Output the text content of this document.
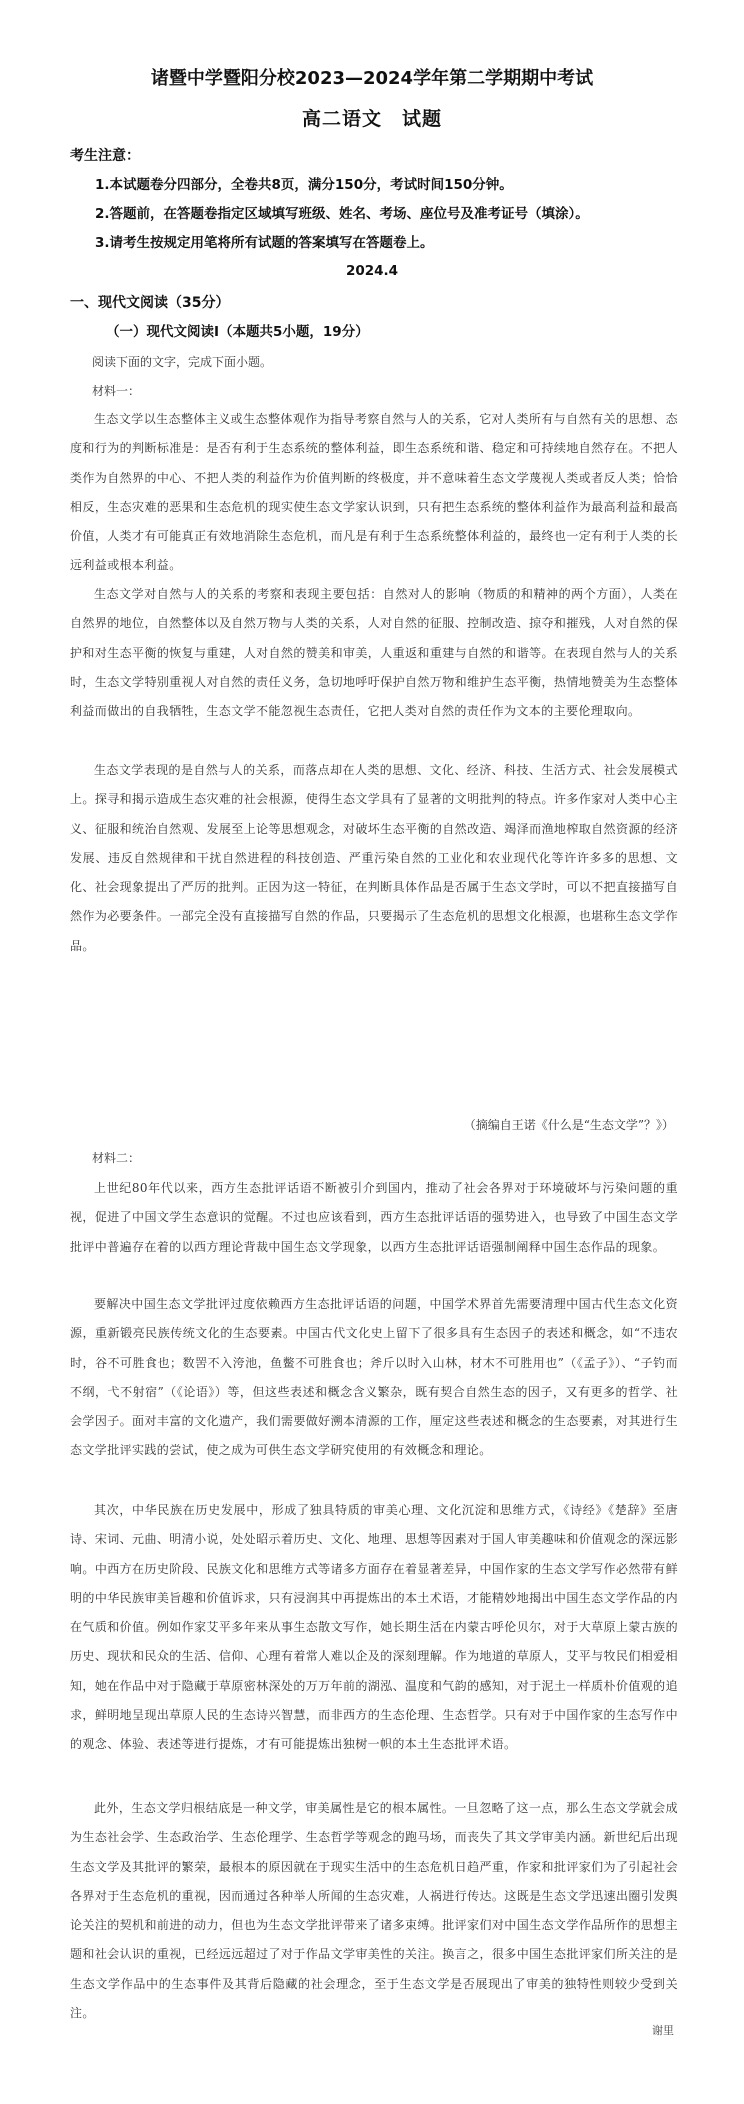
诸暨中学暨阳分校2023—2024学年第二学期期中考试
高二语文　试题
考生注意：
1.本试题卷分四部分，全卷共8页，满分150分，考试时间150分钟。
2.答题前，在答题卷指定区域填写班级、姓名、考场、座位号及准考证号（填涂）。
3.请考生按规定用笔将所有试题的答案填写在答题卷上。
2024.4
一、现代文阅读（35分）
（一）现代文阅读Ⅰ（本题共5小题，19分）
阅读下面的文字，完成下面小题。
材料一：

生态文学以生态整体主义或生态整体观作为指导考察自然与人的关系，它对人类所有与自然有关的思想、态度和行为的判断标准是：是否有利于生态系统的整体利益，即生态系统和谐、稳定和可持续地自然存在。不把人类作为自然界的中心、不把人类的利益作为价值判断的终极度，并不意味着生态文学蔑视人类或者反人类；恰恰相反，生态灾难的恶果和生态危机的现实使生态文学家认识到，只有把生态系统的整体利益作为最高利益和最高价值，人类才有可能真正有效地消除生态危机，而凡是有利于生态系统整体利益的，最终也一定有利于人类的长远利益或根本利益。

生态文学对自然与人的关系的考察和表现主要包括：自然对人的影响（物质的和精神的两个方面），人类在自然界的地位，自然整体以及自然万物与人类的关系，人对自然的征服、控制改造、掠夺和摧残，人对自然的保护和对生态平衡的恢复与重建，人对自然的赞美和审美，人重返和重建与自然的和谐等。在表现自然与人的关系时，生态文学特别重视人对自然的责任义务，急切地呼吁保护自然万物和维护生态平衡，热情地赞美为生态整体利益而做出的自我牺牲，生态文学不能忽视生态责任，它把人类对自然的责任作为文本的主要伦理取向。

生态文学表现的是自然与人的关系，而落点却在人类的思想、文化、经济、科技、生活方式、社会发展模式上。探寻和揭示造成生态灾难的社会根源，使得生态文学具有了显著的文明批判的特点。许多作家对人类中心主义、征服和统治自然观、发展至上论等思想观念，对破坏生态平衡的自然改造、竭泽而渔地榨取自然资源的经济发展、违反自然规律和干扰自然进程的科技创造、严重污染自然的工业化和农业现代化等许许多多的思想、文化、社会现象提出了严厉的批判。正因为这一特征，在判断具体作品是否属于生态文学时，可以不把直接描写自然作为必要条件。一部完全没有直接描写自然的作品，只要揭示了生态危机的思想文化根源，也堪称生态文学作品。

（摘编自王诺《什么是“生态文学”？》）
材料二：

上世纪80年代以来，西方生态批评话语不断被引介到国内，推动了社会各界对于环境破坏与污染问题的重视，促进了中国文学生态意识的觉醒。不过也应该看到，西方生态批评话语的强势进入，也导致了中国生态文学批评中普遍存在着的以西方理论背裁中国生态文学现象，以西方生态批评话语强制阐释中国生态作品的现象。

要解决中国生态文学批评过度依赖西方生态批评话语的问题，中国学术界首先需要清理中国古代生态文化资源，重新锻亮民族传统文化的生态要素。中国古代文化史上留下了很多具有生态因子的表述和概念，如“不违农时，谷不可胜食也；数罟不入洿池，鱼鳖不可胜食也；斧斤以时入山林，材木不可胜用也”（《孟子》）、“子钓而不纲，弋不射宿”（《论语》）等，但这些表述和概念含义繁杂，既有契合自然生态的因子，又有更多的哲学、社会学因子。面对丰富的文化遗产，我们需要做好溯本清源的工作，厘定这些表述和概念的生态要素，对其进行生态文学批评实践的尝试，使之成为可供生态文学研究使用的有效概念和理论。

其次，中华民族在历史发展中，形成了独具特质的审美心理、文化沉淀和思维方式，《诗经》《楚辞》至唐诗、宋词、元曲、明清小说，处处昭示着历史、文化、地理、思想等因素对于国人审美趣味和价值观念的深远影响。中西方在历史阶段、民族文化和思维方式等诸多方面存在着显著差异，中国作家的生态文学写作必然带有鲜明的中华民族审美旨趣和价值诉求，只有浸润其中再提炼出的本土术语，才能精妙地揭出中国生态文学作品的内在气质和价值。例如作家艾平多年来从事生态散文写作，她长期生活在内蒙古呼伦贝尔，对于大草原上蒙古族的历史、现状和民众的生活、信仰、心理有着常人难以企及的深刻理解。作为地道的草原人，艾平与牧民们相爱相知，她在作品中对于隐藏于草原密林深处的万万年前的湖泓、温度和气韵的感知，对于泥土一样质朴价值观的追求，鲜明地呈现出草原人民的生态诗兴智慧，而非西方的生态伦理、生态哲学。只有对于中国作家的生态写作中的观念、体验、表述等进行提炼，才有可能提炼出独树一帜的本土生态批评术语。

此外，生态文学归根结底是一种文学，审美属性是它的根本属性。一旦忽略了这一点，那么生态文学就会成为生态社会学、生态政治学、生态伦理学、生态哲学等观念的跑马场，而丧失了其文学审美内涵。新世纪后出现生态文学及其批评的繁荣，最根本的原因就在于现实生活中的生态危机日趋严重，作家和批评家们为了引起社会各界对于生态危机的重视，因而通过各种举人所闻的生态灾难，人祸进行传达。这既是生态文学迅速出圈引发舆论关注的契机和前进的动力，但也为生态文学批评带来了诸多束缚。批评家们对中国生态文学作品所作的思想主题和社会认识的重视，已经远远超过了对于作品文学审美性的关注。换言之，很多中国生态批评家们所关注的是生态文学作品中的生态事件及其背后隐藏的社会理念，至于生态文学是否展现出了审美的独特性则较少受到关注。

谢里
